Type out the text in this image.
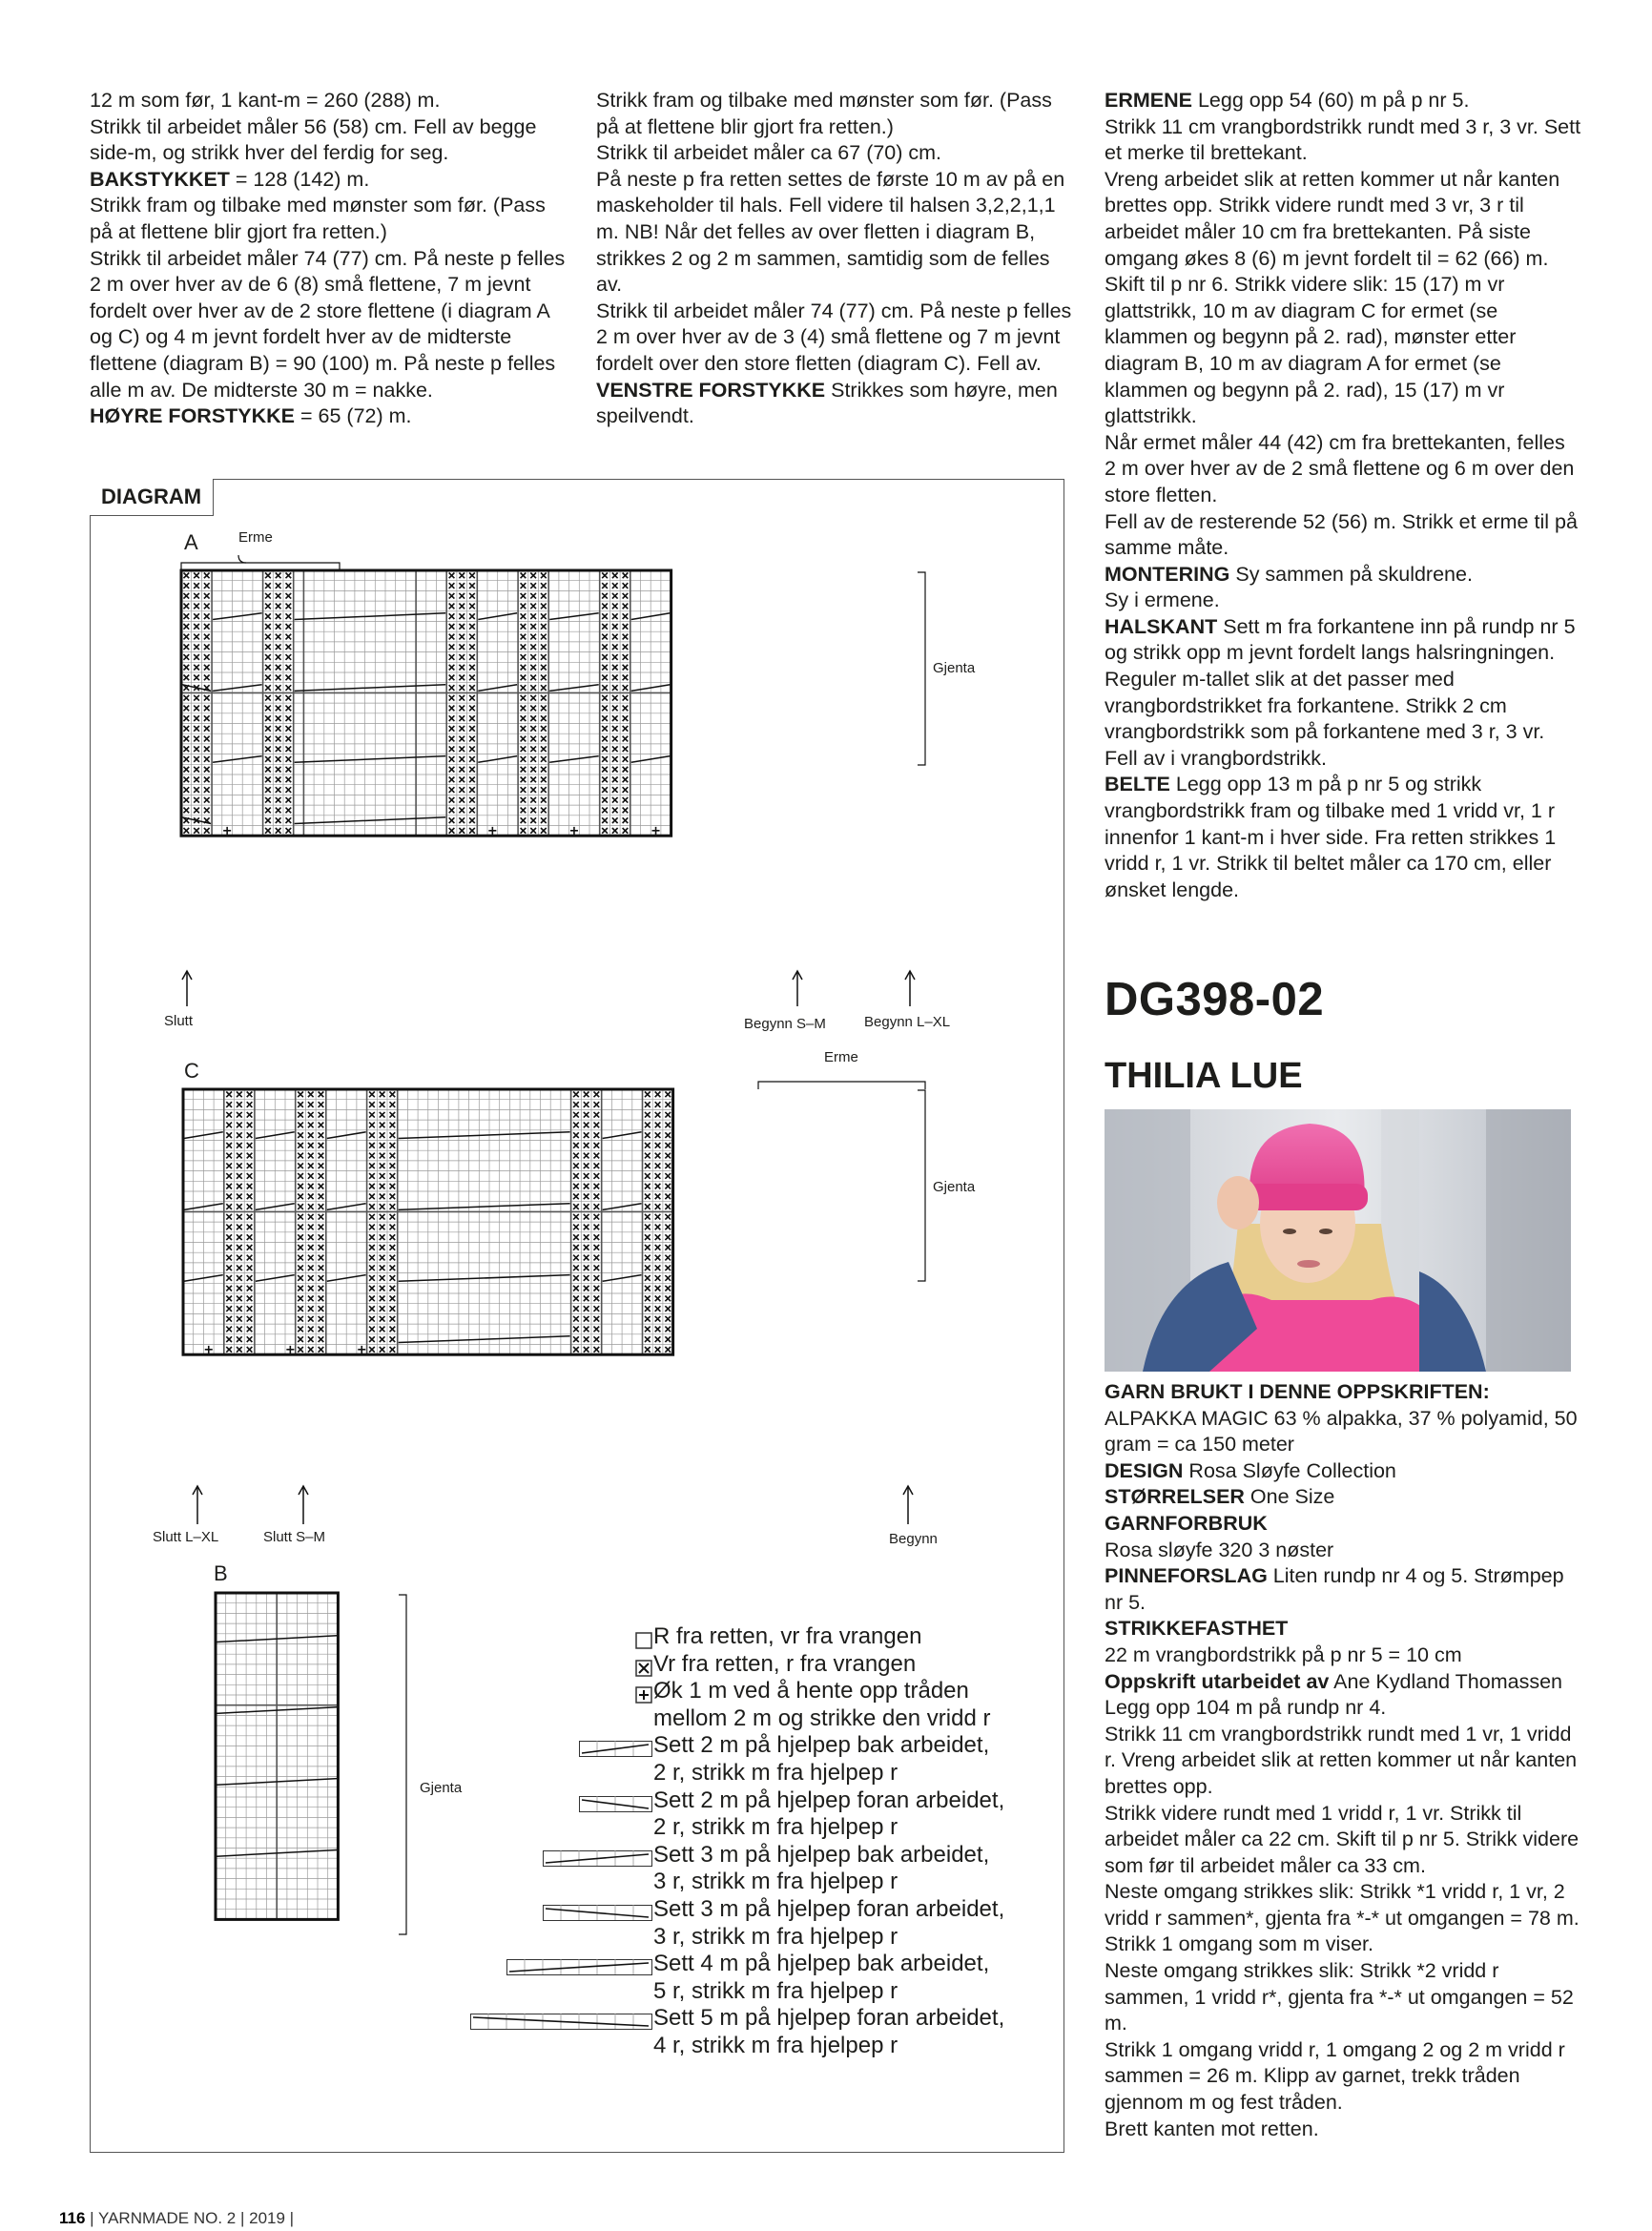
12 m som før, 1 kant-m = 260 (288) m.

Strikk til arbeidet måler 56 (58) cm. Fell av begge side-m, og strikk hver del ferdig for seg.

BAKSTYKKET = 128 (142) m.

Strikk fram og tilbake med mønster som før. (Pass på at flettene blir gjort fra retten.)

Strikk til arbeidet måler 74 (77) cm. På neste p felles 2 m over hver av de 6 (8) små flettene, 7 m jevnt fordelt over hver av de 2 store flettene (i diagram A og C) og 4 m jevnt fordelt hver av de midterste flettene (diagram B) = 90 (100) m. På neste p felles alle m av. De midterste 30 m = nakke.

HØYRE FORSTYKKE = 65 (72) m.

Strikk fram og tilbake med mønster som før. (Pass på at flettene blir gjort fra retten.)

Strikk til arbeidet måler ca 67 (70) cm.

På neste p fra retten settes de første 10 m av på en maskeholder til hals. Fell videre til halsen 3,2,2,1,1 m. NB! Når det felles av over fletten i diagram B, strikkes 2 og 2 m sammen, samtidig som de felles av.

Strikk til arbeidet måler 74 (77) cm. På neste p felles 2 m over hver av de 3 (4) små flettene og 7 m jevnt fordelt over den store fletten (diagram C). Fell av.

VENSTRE FORSTYKKE Strikkes som høyre, men speilvendt.

ERMENE Legg opp 54 (60) m på p nr 5.

Strikk 11 cm vrangbordstrikk rundt med 3 r, 3 vr. Sett et merke til brettekant.

Vreng arbeidet slik at retten kommer ut når kanten brettes opp. Strikk videre rundt med 3 vr, 3 r til arbeidet måler 10 cm fra brettekanten. På siste omgang økes 8 (6) m jevnt fordelt til = 62 (66) m.

Skift til p nr 6. Strikk videre slik: 15 (17) m vr glattstrikk, 10 m av diagram C for ermet (se klammen og begynn på 2. rad), mønster etter diagram B, 10 m av diagram A for ermet (se klammen og begynn på 2. rad), 15 (17) m vr glattstrikk.

Når ermet måler 44 (42) cm fra brettekanten, felles 2 m over hver av de 2 små flettene og 6 m over den store fletten.

Fell av de resterende 52 (56) m. Strikk et erme til på samme måte.

MONTERING Sy sammen på skuldrene.

Sy i ermene.

HALSKANT Sett m fra forkantene inn på rundp nr 5 og strikk opp m jevnt fordelt langs halsringningen. Reguler m-tallet slik at det passer med vrangbordstrikket fra forkantene. Strikk 2 cm vrangbordstrikk som på forkantene med 3 r, 3 vr. Fell av i vrangbordstrikk.

BELTE Legg opp 13 m på p nr 5 og strikk vrangbordstrikk fram og tilbake med 1 vridd vr, 1 r innenfor 1 kant-m i hver side. Fra retten strikkes 1 vridd r, 1 vr. Strikk til beltet måler ca 170 cm, eller ønsket lengde.

DIAGRAM
A	Erme
Gjenta
Slutt	Begynn S–M	Begynn L–XL
C
Erme
Gjenta
Slutt L–XL	Slutt S–M	Begynn
B
Gjenta
R fra retten, vr fra vrangen
Vr fra retten, r fra vrangen
Øk 1 m ved å hente opp tråden
mellom 2 m og strikke den vridd r
Sett 2 m på hjelpep bak arbeidet,
2 r, strikk m fra hjelpep r
Sett 2 m på hjelpep foran arbeidet,
2 r, strikk m fra hjelpep r
Sett 3 m på hjelpep bak arbeidet,
3 r, strikk m fra hjelpep r
Sett 3 m på hjelpep foran arbeidet,
3 r, strikk m fra hjelpep r
Sett 4 m på hjelpep bak arbeidet,
5 r, strikk m fra hjelpep r
Sett 5 m på hjelpep foran arbeidet,
4 r, strikk m fra hjelpep r
DG398-02
THILIA LUE

GARN BRUKT I DENNE OPPSKRIFTEN:

ALPAKKA MAGIC 63 % alpakka, 37 % polyamid, 50 gram = ca 150 meter

DESIGN Rosa Sløyfe Collection

STØRRELSER One Size

GARNFORBRUK

Rosa sløyfe 320 3 nøster

PINNEFORSLAG Liten rundp nr 4 og 5. Strømpep nr 5.

STRIKKEFASTHET

22 m vrangbordstrikk på p nr 5 = 10 cm

Oppskrift utarbeidet av Ane Kydland Thomassen

Legg opp 104 m på rundp nr 4.

Strikk 11 cm vrangbordstrikk rundt med 1 vr, 1 vridd r. Vreng arbeidet slik at retten kommer ut når kanten brettes opp.

Strikk videre rundt med 1 vridd r, 1 vr. Strikk til arbeidet måler ca 22 cm. Skift til p nr 5. Strikk videre som før til arbeidet måler ca 33 cm.

Neste omgang strikkes slik: Strikk *1 vridd r, 1 vr, 2 vridd r sammen*, gjenta fra *-* ut omgangen = 78 m. Strikk 1 omgang som m viser.

Neste omgang strikkes slik: Strikk *2 vridd r sammen, 1 vridd r*, gjenta fra *-* ut omgangen = 52 m.

Strikk 1 omgang vridd r, 1 omgang 2 og 2 m vridd r sammen = 26 m. Klipp av garnet, trekk tråden gjennom m og fest tråden.

Brett kanten mot retten.

116 | YARNMADE NO. 2 | 2019 |
